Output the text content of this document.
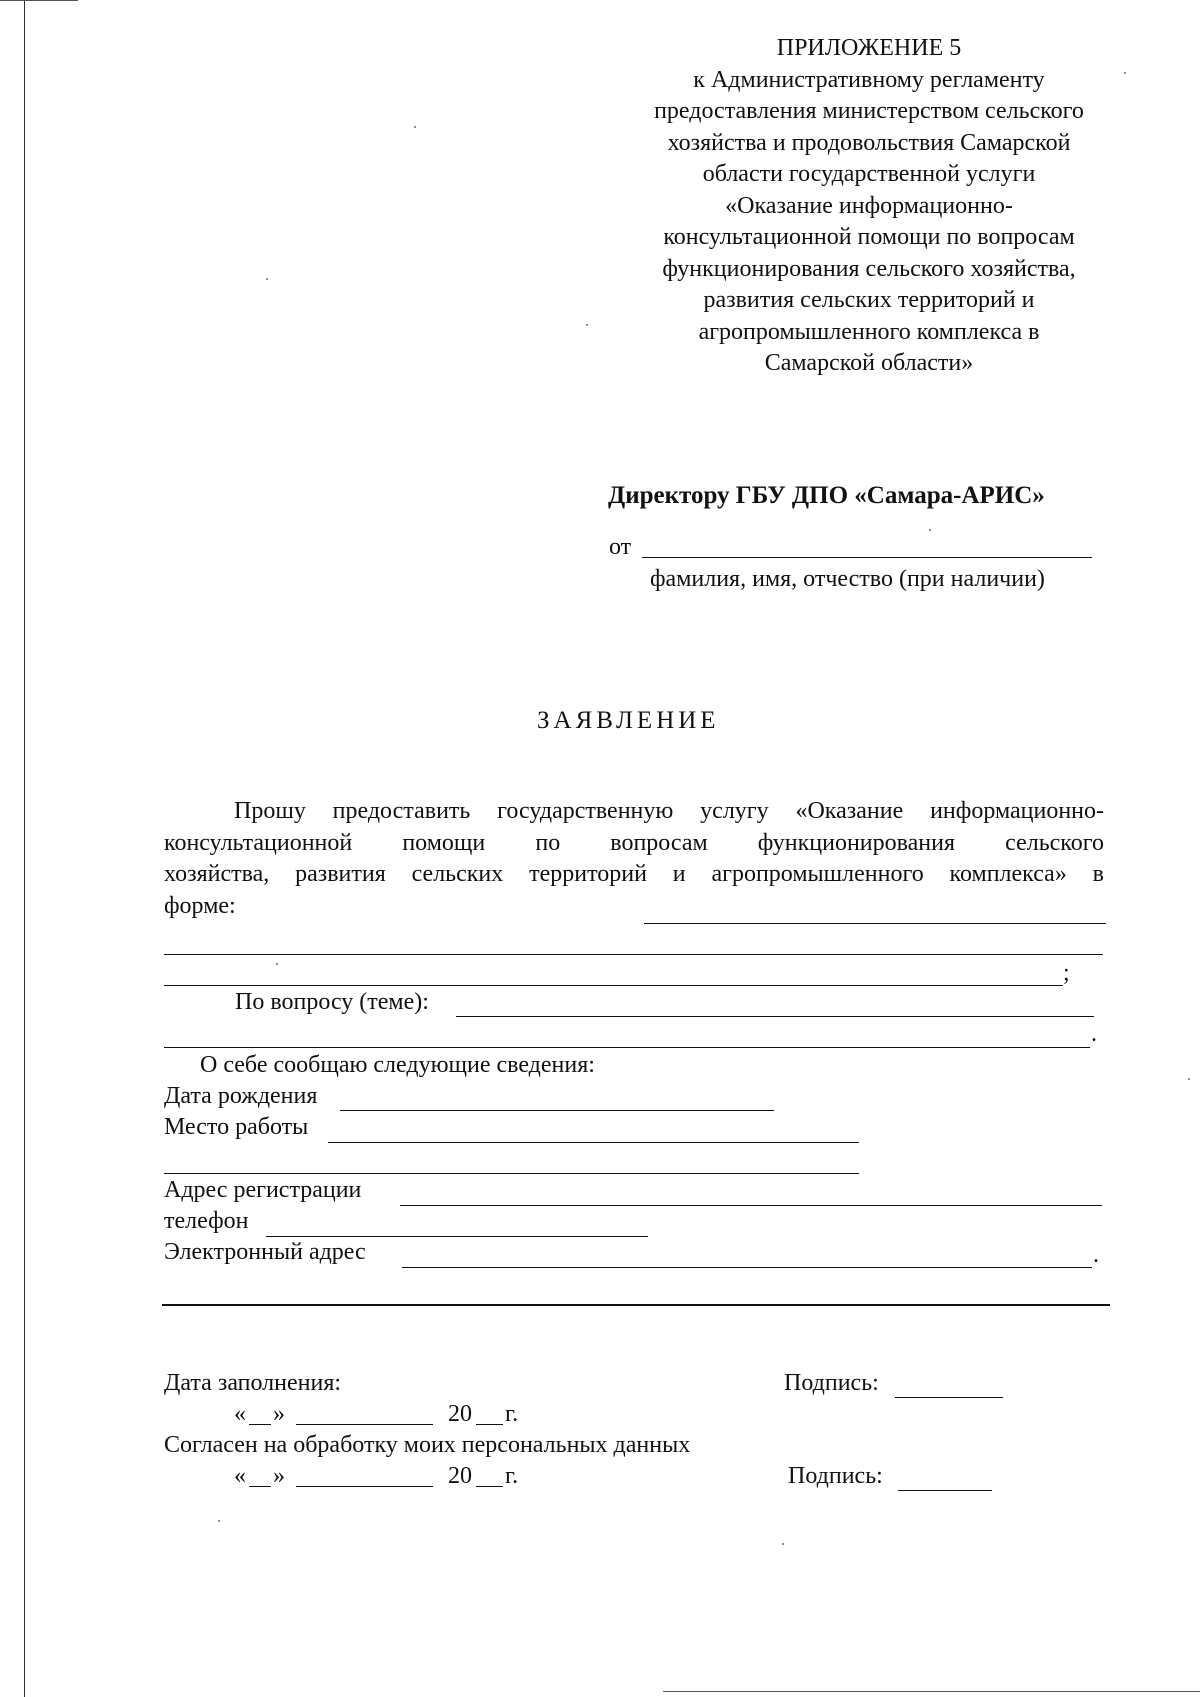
ПРИЛОЖЕНИЕ 5
к Административному регламенту
предоставления министерством сельского
хозяйства и продовольствия Самарской
области государственной услуги
«Оказание информационно-
консультационной помощи по вопросам
функционирования сельского хозяйства,
развития сельских территорий и
агропромышленного комплекса в
Самарской области»
Директору ГБУ ДПО «Самара-АРИС»
от
фамилия, имя, отчество (при наличии)
ЗАЯВЛЕНИЕ
Прошу предоставить государственную услугу «Оказание информационно-
консультационной помощи по вопросам функционирования сельского
хозяйства, развития сельских территорий и агропромышленного комплекса» в
форме:
;
По вопросу (теме):
.
О себе сообщаю следующие сведения:
Дата рождения
Место работы
Адрес регистрации
телефон
Электронный адрес	.
Дата заполнения:	Подпись:
« »	20 г.
Согласен на обработку моих персональных данных
« »	20 г.	Подпись:
